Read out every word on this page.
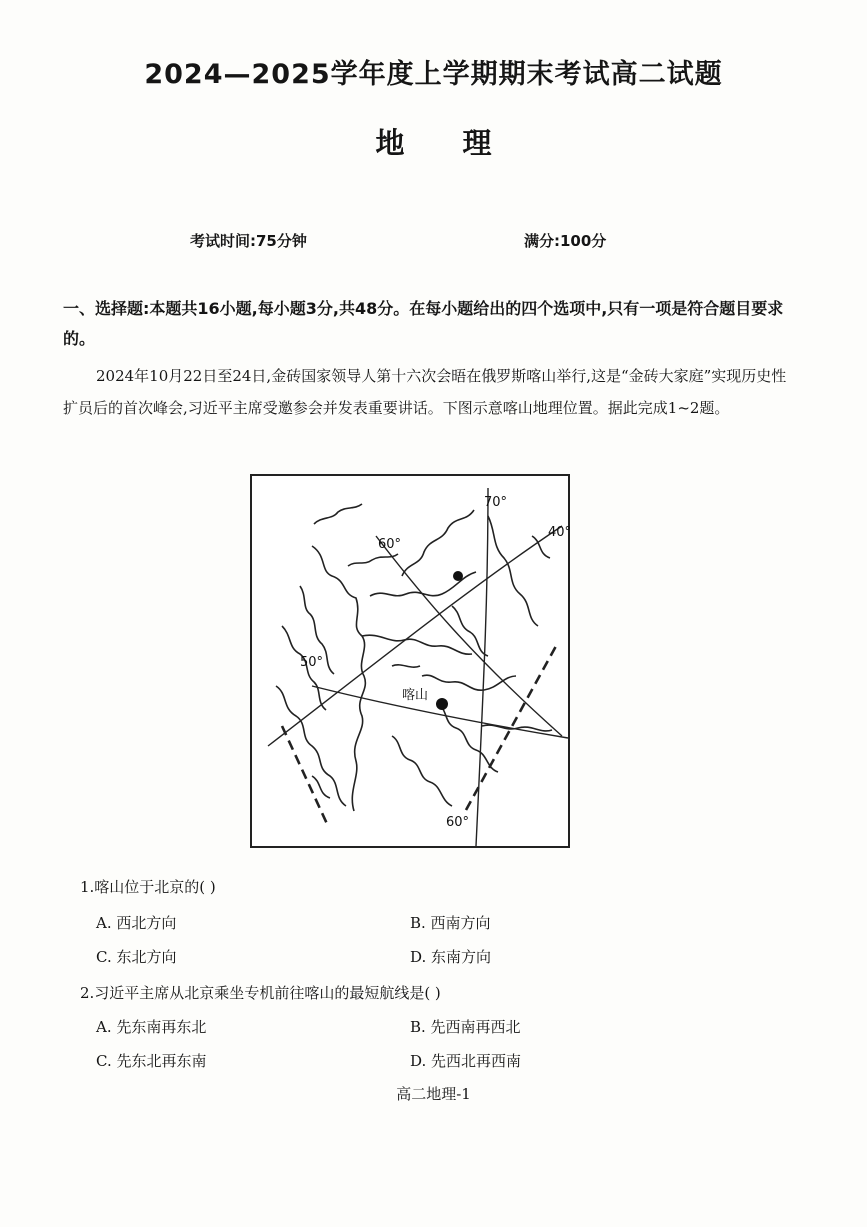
2024—2025学年度上学期期末考试高二试题
地理
考试时间:75分钟	满分:100分
一、选择题:本题共16小题,每小题3分,共48分。在每小题给出的四个选项中,只有一项是符合题目要求的。
2024年10月22日至24日,金砖国家领导人第十六次会晤在俄罗斯喀山举行,这是“金砖大家庭”实现历史性扩员后的首次峰会,习近平主席受邀参会并发表重要讲话。下图示意喀山地理位置。据此完成1~2题。
70°
40°
60°
50°
喀山
60°
1.喀山位于北京的( )
A. 西北方向	B. 西南方向
C. 东北方向	D. 东南方向
2.习近平主席从北京乘坐专机前往喀山的最短航线是( )
A. 先东南再东北	B. 先西南再西北
C. 先东北再东南	D. 先西北再西南
高二地理-1
